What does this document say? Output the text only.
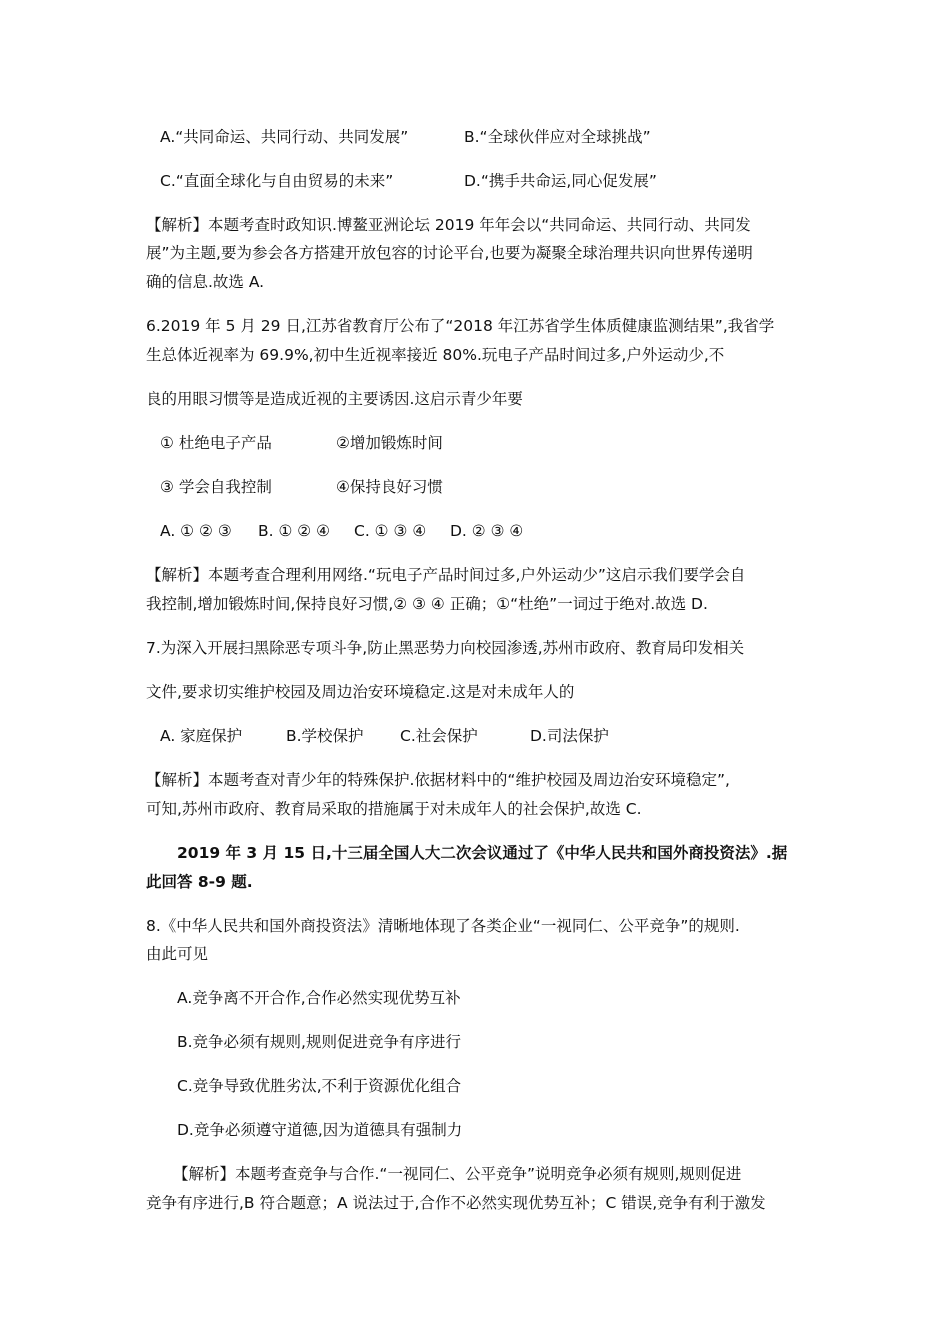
A.“共同命运、共同行动、共同发展”	B.“全球伙伴应对全球挑战”
C.“直面全球化与自由贸易的未来”	D.“携手共命运,同心促发展”
【解析】本题考查时政知识.博鳌亚洲论坛 2019 年年会以“共同命运、共同行动、共同发
展”为主题,要为参会各方搭建开放包容的讨论平台,也要为凝聚全球治理共识向世界传递明
确的信息.故选 A.
6.2019 年 5 月 29 日,江苏省教育厅公布了“2018 年江苏省学生体质健康监测结果”,我省学
生总体近视率为 69.9%,初中生近视率接近 80%.玩电子产品时间过多,户外运动少,不
良的用眼习惯等是造成近视的主要诱因.这启示青少年要
① 杜绝电子产品	②增加锻炼时间
③ 学会自我控制	④保持良好习惯
A. ① ② ③ B. ① ② ④ C. ① ③ ④ D. ② ③ ④
【解析】本题考查合理利用网络.“玩电子产品时间过多,户外运动少”这启示我们要学会自
我控制,增加锻炼时间,保持良好习惯,② ③ ④ 正确；①“杜绝”一词过于绝对.故选 D.
7.为深入开展扫黑除恶专项斗争,防止黑恶势力向校园渗透,苏州市政府、教育局印发相关
文件,要求切实维护校园及周边治安环境稳定.这是对未成年人的
A. 家庭保护	B.学校保护 C.社会保护	D.司法保护
【解析】本题考查对青少年的特殊保护.依据材料中的“维护校园及周边治安环境稳定”,
可知,苏州市政府、教育局采取的措施属于对未成年人的社会保护,故选 C.
2019 年 3 月 15 日,十三届全国人大二次会议通过了《中华人民共和国外商投资法》.据
此回答 8-9 题.
8.《中华人民共和国外商投资法》清晰地体现了各类企业“一视同仁、公平竞争”的规则.
由此可见
A.竞争离不开合作,合作必然实现优势互补
B.竞争必须有规则,规则促进竞争有序进行
C.竞争导致优胜劣汰,不利于资源优化组合
D.竞争必须遵守道德,因为道德具有强制力
【解析】本题考查竞争与合作.“一视同仁、公平竞争”说明竞争必须有规则,规则促进
竞争有序进行,B 符合题意；A 说法过于,合作不必然实现优势互补；C 错误,竞争有利于激发
